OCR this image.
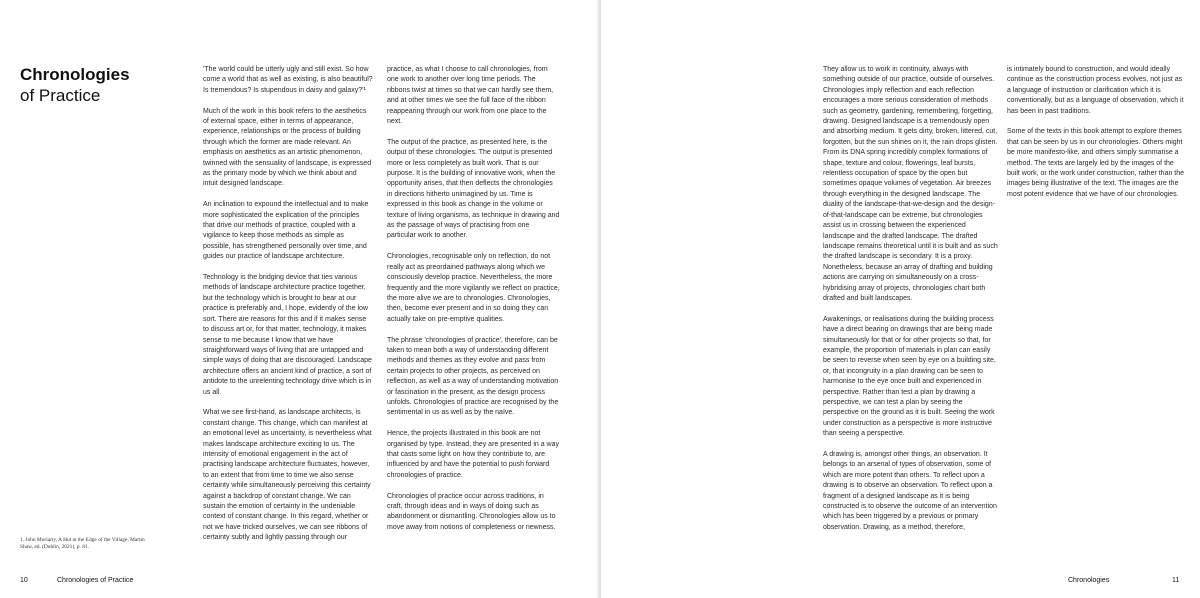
Chronologies
of Practice

'The world could be utterly ugly and still exist. So how come a world that as well as existing, is also beautiful? Is tremendous? Is stupendous in daisy and galaxy?'¹

Much of the work in this book refers to the aesthetics of external space, either in terms of appearance, experience, relationships or the process of building through which the former are made relevant. An emphasis on aesthetics as an artistic phenomenon, twinned with the sensuality of landscape, is expressed as the primary mode by which we think about and intuit designed landscape.

An inclination to expound the intellectual and to make more sophisticated the explication of the principles that drive our methods of practice, coupled with a vigilance to keep those methods as simple as possible, has strengthened personally over time, and guides our practice of landscape architecture.

Technology is the bridging device that ties various methods of landscape architecture practice together, but the technology which is brought to bear at our practice is preferably and, I hope, evidently of the low sort. There are reasons for this and if it makes sense to discuss art or, for that matter, technology, it makes sense to me because I know that we have straightforward ways of living that are untapped and simple ways of doing that are discouraged. Landscape architecture offers an ancient kind of practice, a sort of antidote to the unrelenting technology drive which is in us all.

What we see first-hand, as landscape architects, is constant change. This change, which can manifest at an emotional level as uncertainty, is nevertheless what makes landscape architecture exciting to us. The intensity of emotional engagement in the act of practising landscape architecture fluctuates, however, to an extent that from time to time we also sense certainty while simultaneously perceiving this certainty against a backdrop of constant change. We can sustain the emotion of certainty in the undeniable context of constant change. In this regard, whether or not we have tricked ourselves, we can see ribbons of certainty subtly and lightly passing through our

practice, as what I choose to call chronologies, from one work to another over long time periods. The ribbons twist at times so that we can hardly see them, and at other times we see the full face of the ribbon reappearing through our work from one place to the next.

The output of the practice, as presented here, is the output of these chronologies. The output is presented more or less completely as built work. That is our purpose. It is the building of innovative work, when the opportunity arises, that then deflects the chronologies in directions hitherto unimagined by us. Time is expressed in this book as change in the volume or texture of living organisms, as technique in drawing and as the passage of ways of practising from one particular work to another.

Chronologies, recognisable only on reflection, do not really act as preordained pathways along which we consciously develop practice. Nevertheless, the more frequently and the more vigilantly we reflect on practice, the more alive we are to chronologies. Chronologies, then, become ever present and in so doing they can actually take on pre-emptive qualities.

The phrase 'chronologies of practice', therefore, can be taken to mean both a way of understanding different methods and themes as they evolve and pass from certain projects to other projects, as perceived on reflection, as well as a way of understanding motivation or fascination in the present, as the design process unfolds. Chronologies of practice are recognised by the sentimental in us as well as by the naïve.

Hence, the projects illustrated in this book are not organised by type. Instead, they are presented in a way that casts some light on how they contribute to, are influenced by and have the potential to push forward chronologies of practice.

Chronologies of practice occur across traditions, in craft, through ideas and in ways of doing such as abandonment or dismantling. Chronologies allow us to move away from notions of completeness or newness.

1. John Moriarty, A Hut at the Edge of the Village, Martin Shaw, ed. (Dublin, 2021), p. 81.
10	Chronologies of Practice

They allow us to work in continuity, always with something outside of our practice, outside of ourselves. Chronologies imply reflection and each reflection encourages a more serious consideration of methods such as geometry, gardening, remembering, forgetting, drawing. Designed landscape is a tremendously open and absorbing medium. It gets dirty, broken, littered, cut, forgotten, but the sun shines on it, the rain drops glisten. From its DNA spring incredibly complex formations of shape, texture and colour, flowerings, leaf bursts, relentless occupation of space by the open but sometimes opaque volumes of vegetation. Air breezes through everything in the designed landscape. The duality of the landscape-that-we-design and the design-of-that-landscape can be extreme, but chronologies assist us in crossing between the experienced landscape and the drafted landscape. The drafted landscape remains theoretical until it is built and as such the drafted landscape is secondary. It is a proxy. Nonetheless, because an array of drafting and building actions are carrying on simultaneously on a cross-hybridising array of projects, chronologies chart both drafted and built landscapes.

Awakenings, or realisations during the building process have a direct bearing on drawings that are being made simultaneously for that or for other projects so that, for example, the proportion of materials in plan can easily be seen to reverse when seen by eye on a building site, or, that incongruity in a plan drawing can be seen to harmonise to the eye once built and experienced in perspective. Rather than test a plan by drawing a perspective, we can test a plan by seeing the perspective on the ground as it is built. Seeing the work under construction as a perspective is more instructive than seeing a perspective.

A drawing is, amongst other things, an observation. It belongs to an arsenal of types of observation, some of which are more potent than others. To reflect upon a drawing is to observe an observation. To reflect upon a fragment of a designed landscape as it is being constructed is to observe the outcome of an intervention which has been triggered by a previous or primary observation. Drawing, as a method, therefore,

is intimately bound to construction, and would ideally continue as the construction process evolves, not just as a language of instruction or clarification which it is conventionally, but as a language of observation, which it has been in past traditions.

Some of the texts in this book attempt to explore themes that can be seen by us in our chronologies. Others might be more manifesto-like, and others simply summarise a method. The texts are largely led by the images of the built work, or the work under construction, rather than the images being illustrative of the text. The images are the most potent evidence that we have of our chronologies.

Chronologies	11
